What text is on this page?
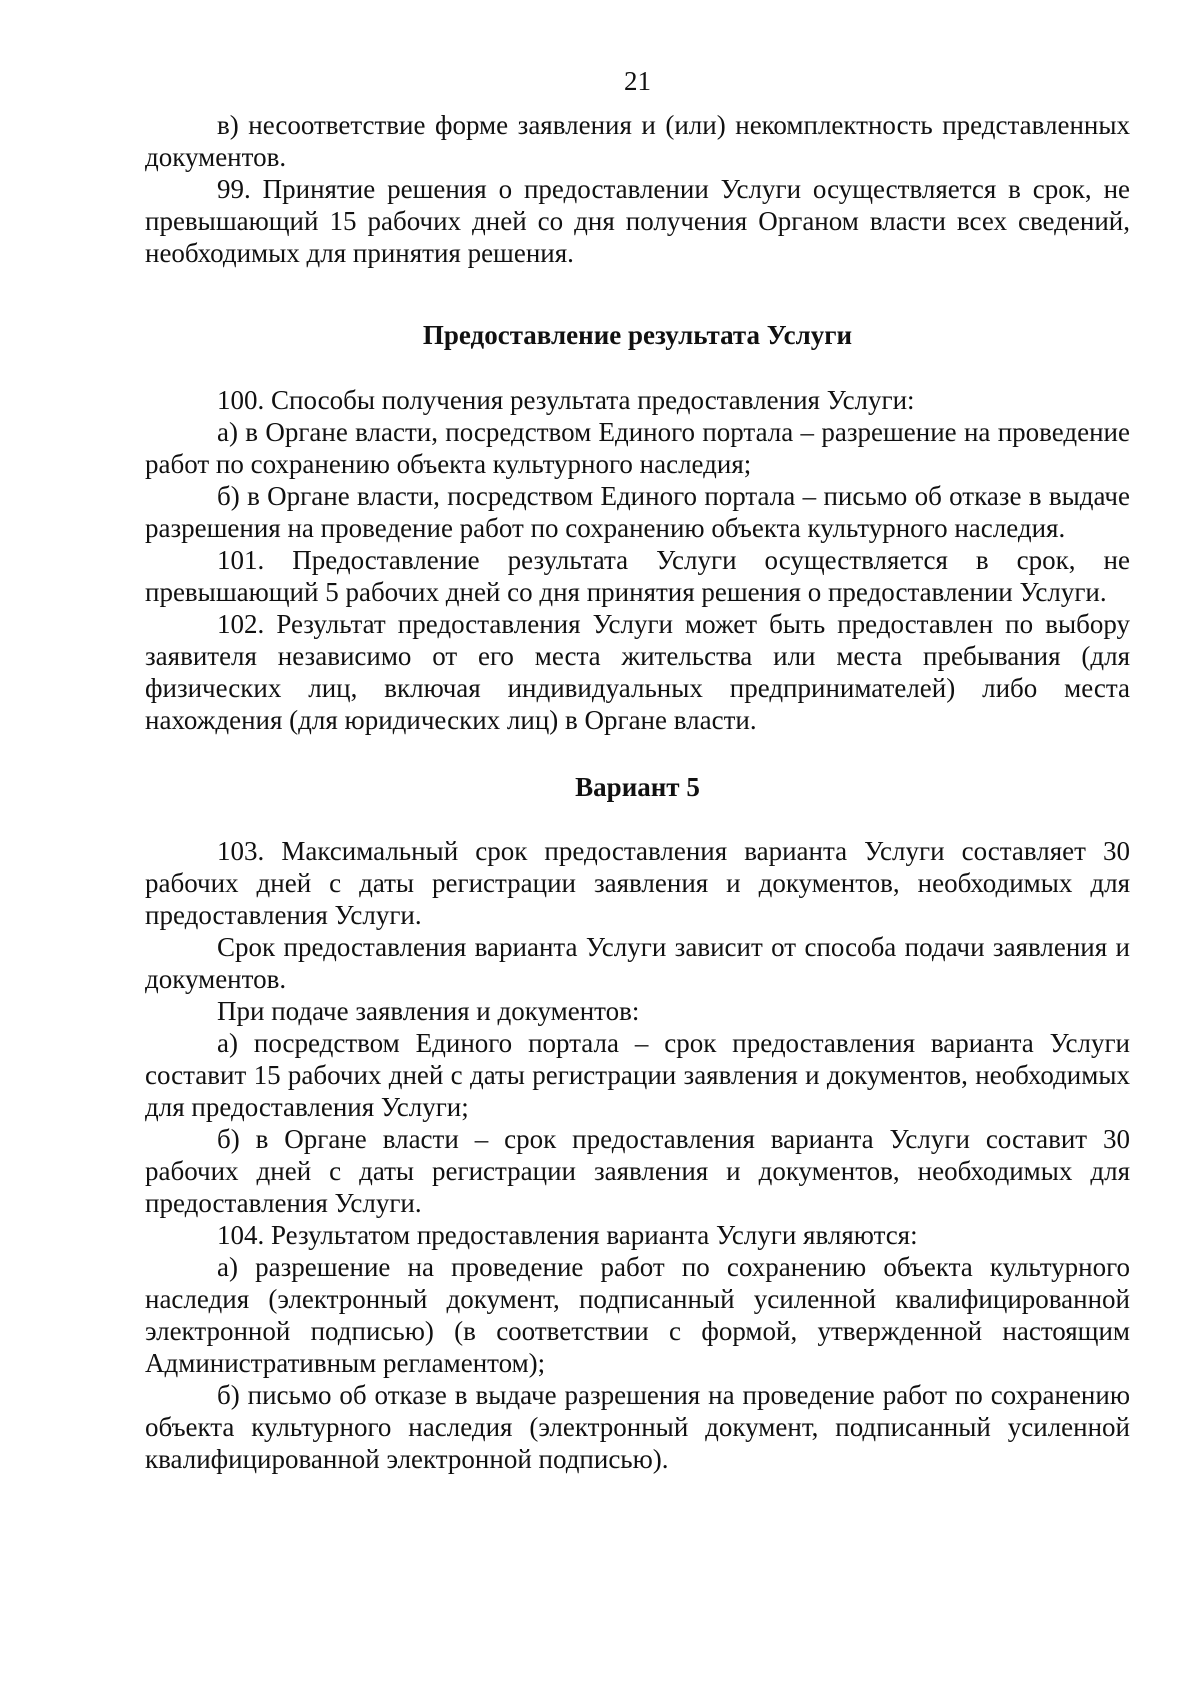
21

в) несоответствие форме заявления и (или) некомплектность представленных документов.

99. Принятие решения о предоставлении Услуги осуществляется в срок, не превышающий 15 рабочих дней со дня получения Органом власти всех сведений, необходимых для принятия решения.

Предоставление результата Услуги

100. Способы получения результата предоставления Услуги:

а) в Органе власти, посредством Единого портала – разрешение на проведение работ по сохранению объекта культурного наследия;

б) в Органе власти, посредством Единого портала – письмо об отказе в выдаче разрешения на проведение работ по сохранению объекта культурного наследия.

101. Предоставление результата Услуги осуществляется в срок, не превышающий 5 рабочих дней со дня принятия решения о предоставлении Услуги.

102. Результат предоставления Услуги может быть предоставлен по выбору заявителя независимо от его места жительства или места пребывания (для физических лиц, включая индивидуальных предпринимателей) либо места нахождения (для юридических лиц) в Органе власти.

Вариант 5

103. Максимальный срок предоставления варианта Услуги составляет 30 рабочих дней с даты регистрации заявления и документов, необходимых для предоставления Услуги.

Срок предоставления варианта Услуги зависит от способа подачи заявления и документов.

При подаче заявления и документов:

а) посредством Единого портала – срок предоставления варианта Услуги составит 15 рабочих дней с даты регистрации заявления и документов, необходимых для предоставления Услуги;

б) в Органе власти – срок предоставления варианта Услуги составит 30 рабочих дней с даты регистрации заявления и документов, необходимых для предоставления Услуги.

104. Результатом предоставления варианта Услуги являются:

а) разрешение на проведение работ по сохранению объекта культурного наследия (электронный документ, подписанный усиленной квалифицированной электронной подписью) (в соответствии с формой, утвержденной настоящим Административным регламентом);

б) письмо об отказе в выдаче разрешения на проведение работ по сохранению объекта культурного наследия (электронный документ, подписанный усиленной квалифицированной электронной подписью).
